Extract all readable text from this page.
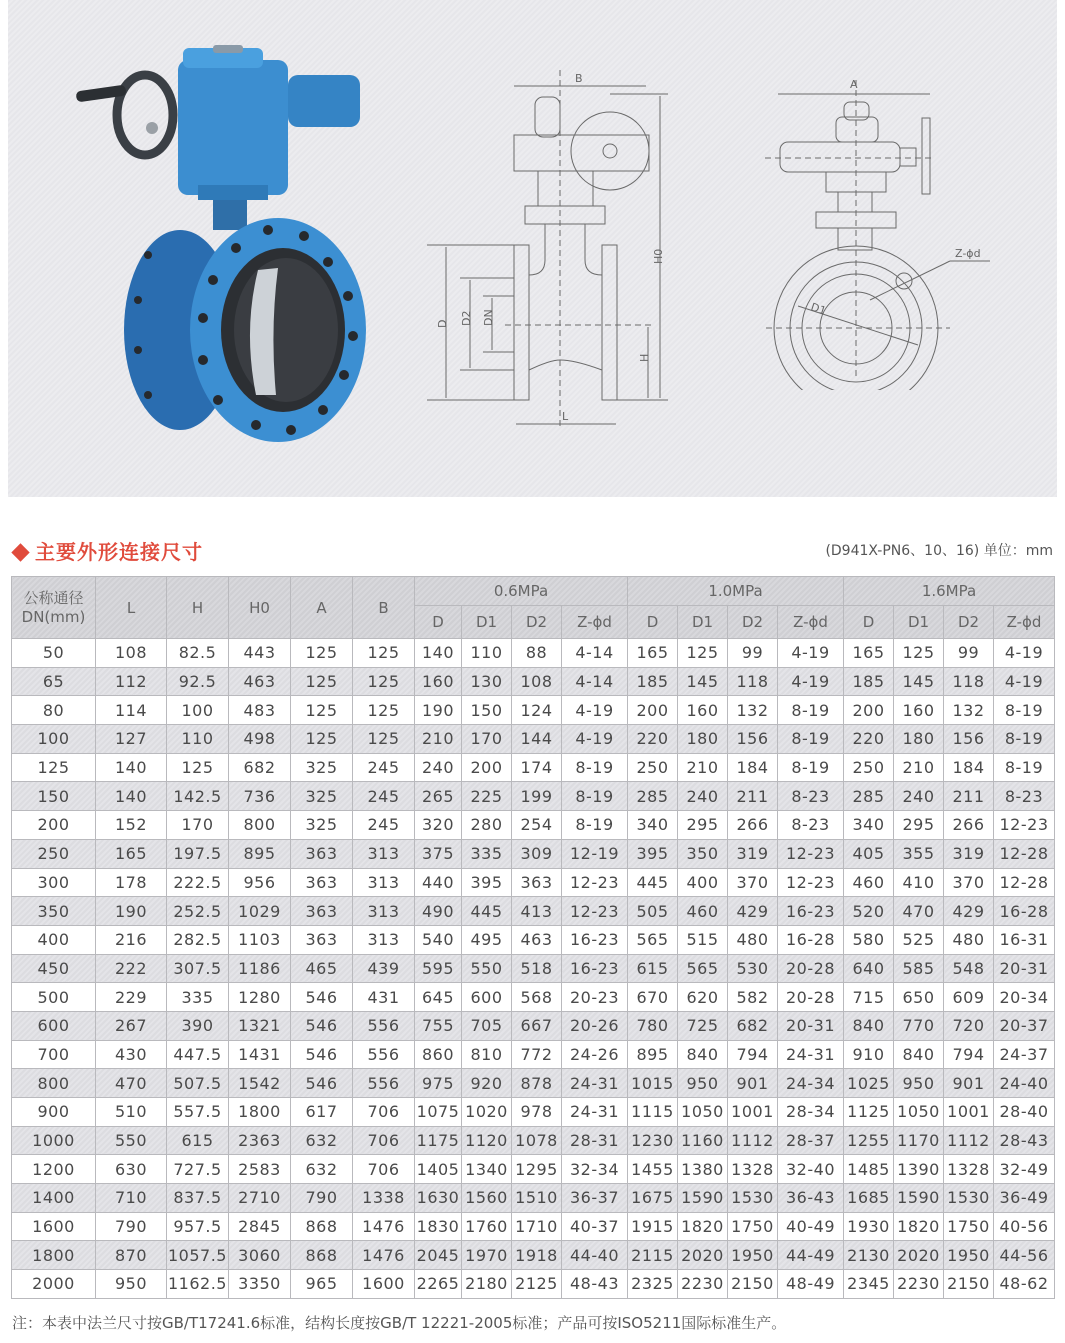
B
D D2 DN
H
H0
L
A
Z-ϕd
D1
主要外形连接尺寸	(D941X-PN6、10、16) 单位：mm
公称通径
DN(mm)	L	H	H0	A	B	0.6MPa				1.0MPa				1.6MPa			
						D	D1	D2	Z-ϕd	D	D1	D2	Z-ϕd	D	D1	D2	Z-ϕd
50	108	82.5	443	125	125	140	110	88	4-14	165	125	99	4-19	165	125	99	4-19
65	112	92.5	463	125	125	160	130	108	4-14	185	145	118	4-19	185	145	118	4-19
80	114	100	483	125	125	190	150	124	4-19	200	160	132	8-19	200	160	132	8-19
100	127	110	498	125	125	210	170	144	4-19	220	180	156	8-19	220	180	156	8-19
125	140	125	682	325	245	240	200	174	8-19	250	210	184	8-19	250	210	184	8-19
150	140	142.5	736	325	245	265	225	199	8-19	285	240	211	8-23	285	240	211	8-23
200	152	170	800	325	245	320	280	254	8-19	340	295	266	8-23	340	295	266	12-23
250	165	197.5	895	363	313	375	335	309	12-19	395	350	319	12-23	405	355	319	12-28
300	178	222.5	956	363	313	440	395	363	12-23	445	400	370	12-23	460	410	370	12-28
350	190	252.5	1029	363	313	490	445	413	12-23	505	460	429	16-23	520	470	429	16-28
400	216	282.5	1103	363	313	540	495	463	16-23	565	515	480	16-28	580	525	480	16-31
450	222	307.5	1186	465	439	595	550	518	16-23	615	565	530	20-28	640	585	548	20-31
500	229	335	1280	546	431	645	600	568	20-23	670	620	582	20-28	715	650	609	20-34
600	267	390	1321	546	556	755	705	667	20-26	780	725	682	20-31	840	770	720	20-37
700	430	447.5	1431	546	556	860	810	772	24-26	895	840	794	24-31	910	840	794	24-37
800	470	507.5	1542	546	556	975	920	878	24-31	1015	950	901	24-34	1025	950	901	24-40
900	510	557.5	1800	617	706	1075	1020	978	24-31	1115	1050	1001	28-34	1125	1050	1001	28-40
1000	550	615	2363	632	706	1175	1120	1078	28-31	1230	1160	1112	28-37	1255	1170	1112	28-43
1200	630	727.5	2583	632	706	1405	1340	1295	32-34	1455	1380	1328	32-40	1485	1390	1328	32-49
1400	710	837.5	2710	790	1338	1630	1560	1510	36-37	1675	1590	1530	36-43	1685	1590	1530	36-49
1600	790	957.5	2845	868	1476	1830	1760	1710	40-37	1915	1820	1750	40-49	1930	1820	1750	40-56
1800	870	1057.5	3060	868	1476	2045	1970	1918	44-40	2115	2020	1950	44-49	2130	2020	1950	44-56
2000	950	1162.5	3350	965	1600	2265	2180	2125	48-43	2325	2230	2150	48-49	2345	2230	2150	48-62
注：本表中法兰尺寸按GB/T17241.6标准，结构长度按GB/T 12221-2005标准；产品可按ISO5211国际标准生产。
